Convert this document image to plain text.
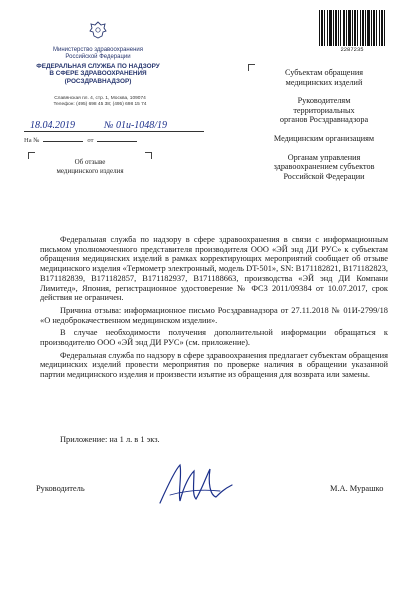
Министерство здравоохранения
Российской Федерации
ФЕДЕРАЛЬНАЯ СЛУЖБА ПО НАДЗОРУ
В СФЕРЕ ЗДРАВООХРАНЕНИЯ
(РОСЗДРАВНАДЗОР)
Славянская пл. 4, стр. 1, Москва, 109074
Телефон: (495) 698 45 38; (495) 698 15 74
18.04.2019	№ 01и-1048/19
На №	от
Об отзыве
медицинского изделия
2287235
Субъектам обращения
медицинских изделий
Руководителям
территориальных
органов Росздравнадзора
Медицинским организациям
Органам управления
здравоохранением субъектов
Российской Федерации

Федеральная служба по надзору в сфере здравоохранения в связи с информационным письмом уполномоченного представителя производителя ООО «ЭЙ энд ДИ РУС» к субъектам обращения медицинских изделий в рамках корректирующих мероприятий сообщает об отзыве медицинского изделия «Термометр электронный, модель DT-501», SN: B171182821, B171182823, B171182839, B171182857, B171182937, B171188663, производства «ЭЙ энд ДИ Компани Лимитед», Япония, регистрационное удостоверение № ФСЗ 2011/09384 от 10.07.2017, срок действия не ограничен.

Причина отзыва: информационное письмо Росздравнадзора от 27.11.2018 № 01И-2799/18 «О недоброкачественном медицинском изделии».

В случае необходимости получения дополнительной информации обращаться к производителю ООО «ЭЙ энд ДИ РУС» (см. приложение).

Федеральная служба по надзору в сфере здравоохранения предлагает субъектам обращения медицинских изделий провести мероприятия по проверке наличия в обращении указанной партии медицинского изделия и произвести изъятие из обращения для возврата или замены.

Приложение: на 1 л. в 1 экз.
Руководитель	М.А. Мурашко
